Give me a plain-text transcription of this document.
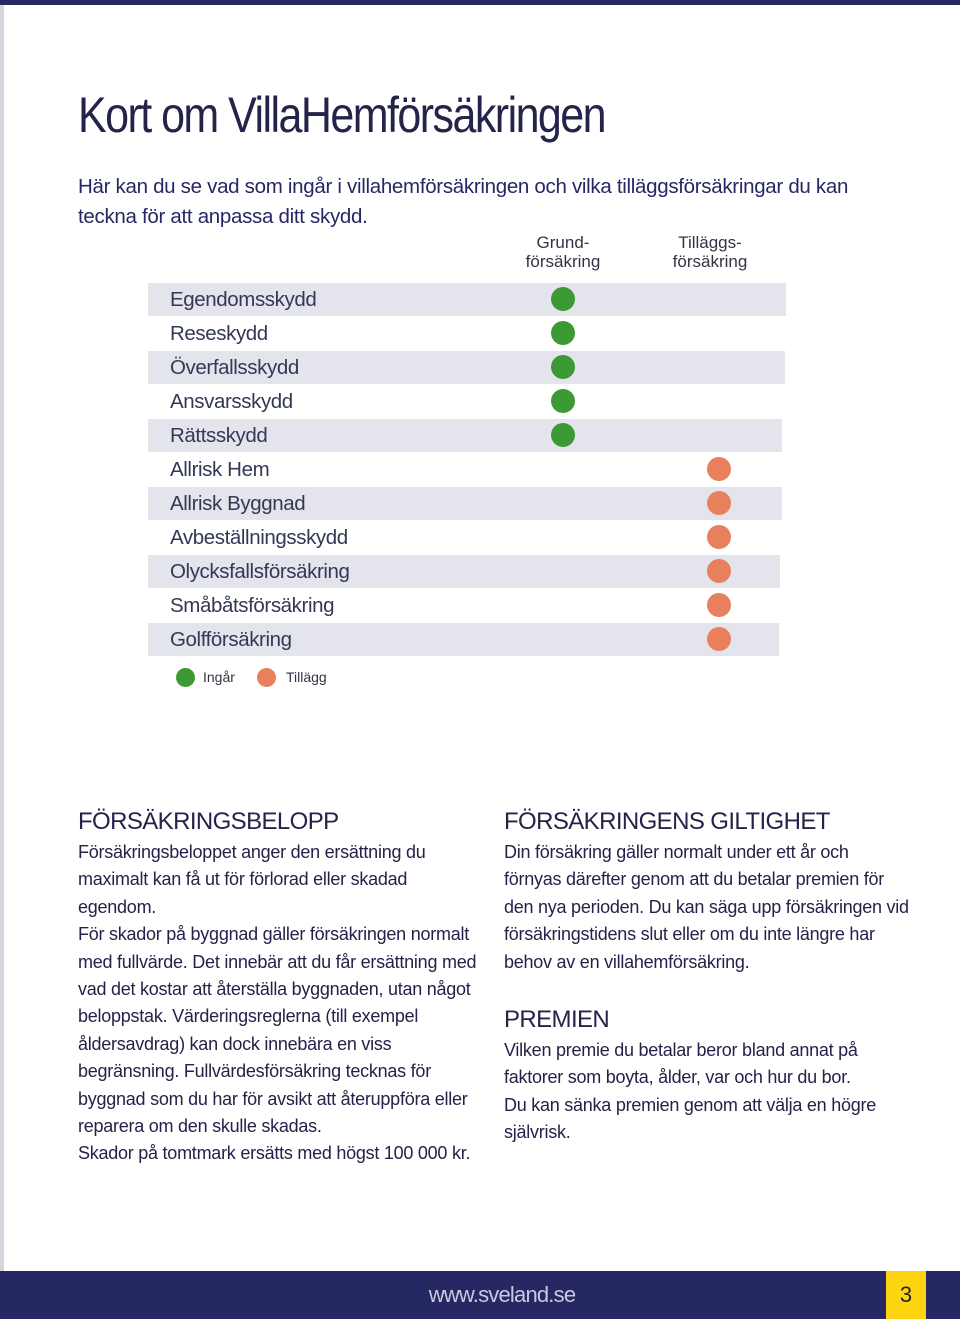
Kort om VillaHemförsäkringen

Här kan du se vad som ingår i villahemförsäkringen och vilka tilläggsförsäkringar du kan teckna för att anpassa ditt skydd.

Grund-
försäkring
Tilläggs-
försäkring
Egendomsskydd
Reseskydd
Överfallsskydd
Ansvarsskydd
Rättsskydd
Allrisk Hem
Allrisk Byggnad
Avbeställningsskydd
Olycksfallsförsäkring
Småbåtsförsäkring
Golfförsäkring
Ingår	Tillägg
FÖRSÄKRINGSBELOPP

Försäkringsbeloppet anger den ersättning du maximalt kan få ut för förlorad eller skadad egendom.

För skador på byggnad gäller försäkringen normalt med fullvärde. Det innebär att du får ersättning med vad det kostar att återställa byggnaden, utan något beloppstak. Värderingsreglerna (till exempel åldersavdrag) kan dock innebära en viss begränsning. Fullvärdesförsäkring tecknas för byggnad som du har för avsikt att återuppföra eller reparera om den skulle skadas.

Skador på tomtmark ersätts med högst 100 000 kr.

FÖRSÄKRINGENS GILTIGHET

Din försäkring gäller normalt under ett år och förnyas därefter genom att du betalar premien för den nya perioden. Du kan säga upp försäkringen vid försäkringstidens slut eller om du inte längre har behov av en villahemförsäkring.

PREMIEN

Vilken premie du betalar beror bland annat på faktorer som boyta, ålder, var och hur du bor.

Du kan sänka premien genom att välja en högre självrisk.

www.sveland.se	3
